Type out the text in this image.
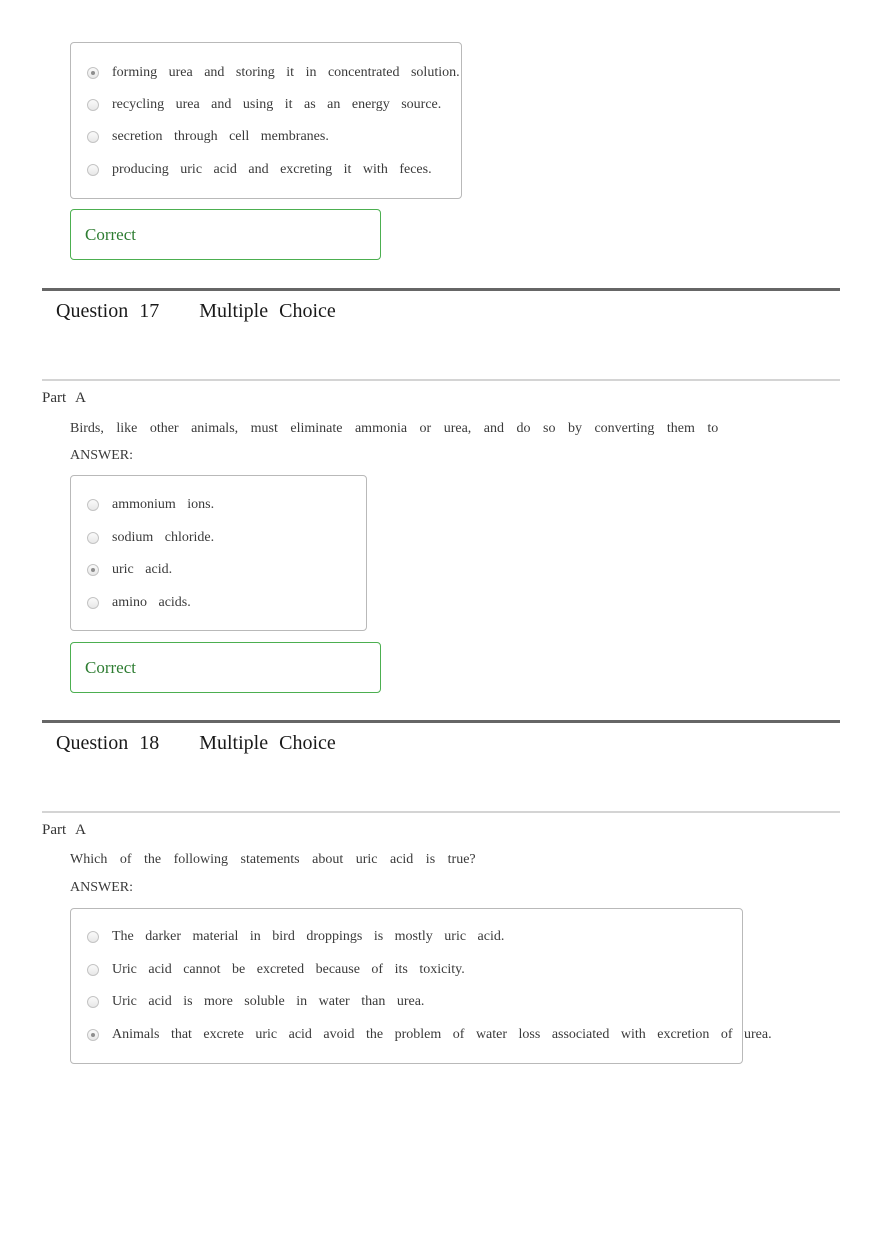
forming urea and storing it in concentrated solution.
recycling urea and using it as an energy source.
secretion through cell membranes.
producing uric acid and excreting it with feces.
Correct
Question 17 Multiple Choice
Part A
Birds, like other animals, must eliminate ammonia or urea, and do so by converting them to
ANSWER:
ammonium ions.
sodium chloride.
uric acid.
amino acids.
Correct
Question 18 Multiple Choice
Part A
Which of the following statements about uric acid is true?
ANSWER:
The darker material in bird droppings is mostly uric acid.
Uric acid cannot be excreted because of its toxicity.
Uric acid is more soluble in water than urea.
Animals that excrete uric acid avoid the problem of water loss associated with excretion of urea.
